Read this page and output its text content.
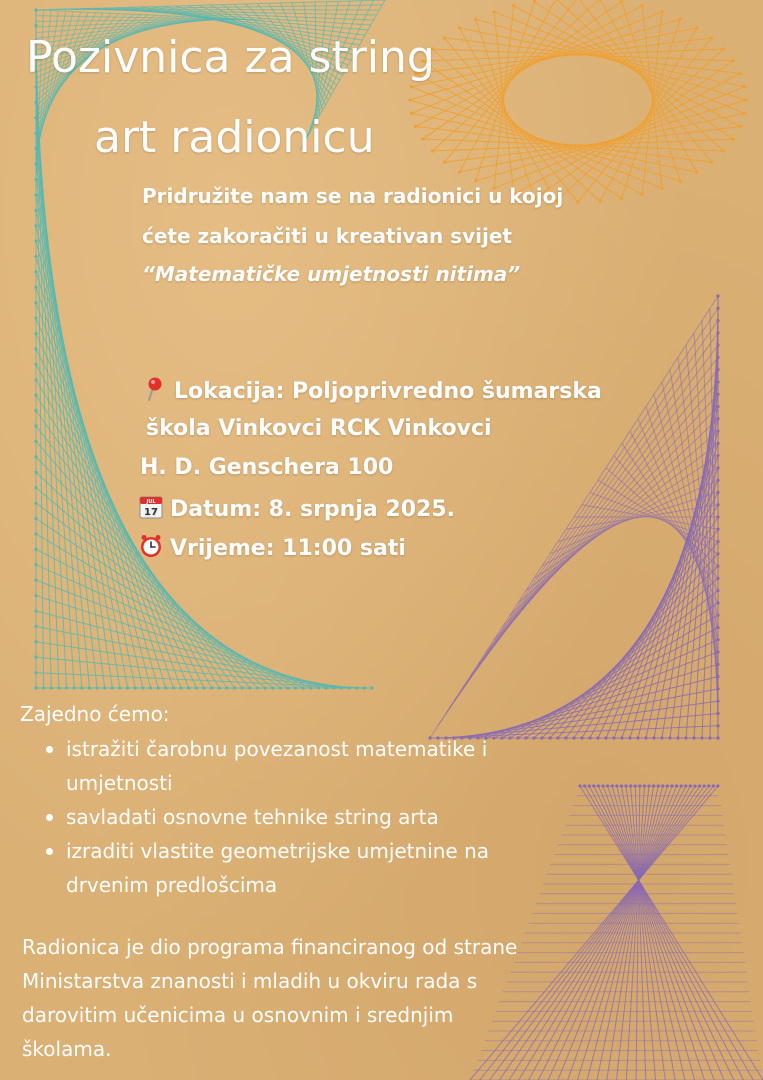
Pozivnica za string
art radionicu
Pridružite nam se na radionici u kojoj
ćete zakoračiti u kreativan svijet
“Matematičke umjetnosti nitima”
Lokacija: Poljoprivredno šumarska
škola Vinkovci RCK Vinkovci
H. D. Genschera 100
JUL
17 Datum: 8. srpnja 2025.
Vrijeme: 11:00 sati
Zajedno ćemo:
istražiti čarobnu povezanost matematike i
umjetnosti
savladati osnovne tehnike string arta
izraditi vlastite geometrijske umjetnine na
drvenim predlošcima

Radionica je dio programa financiranog od strane
Ministarstva znanosti i mladih u okviru rada s
darovitim učenicima u osnovnim i srednjim
školama.
